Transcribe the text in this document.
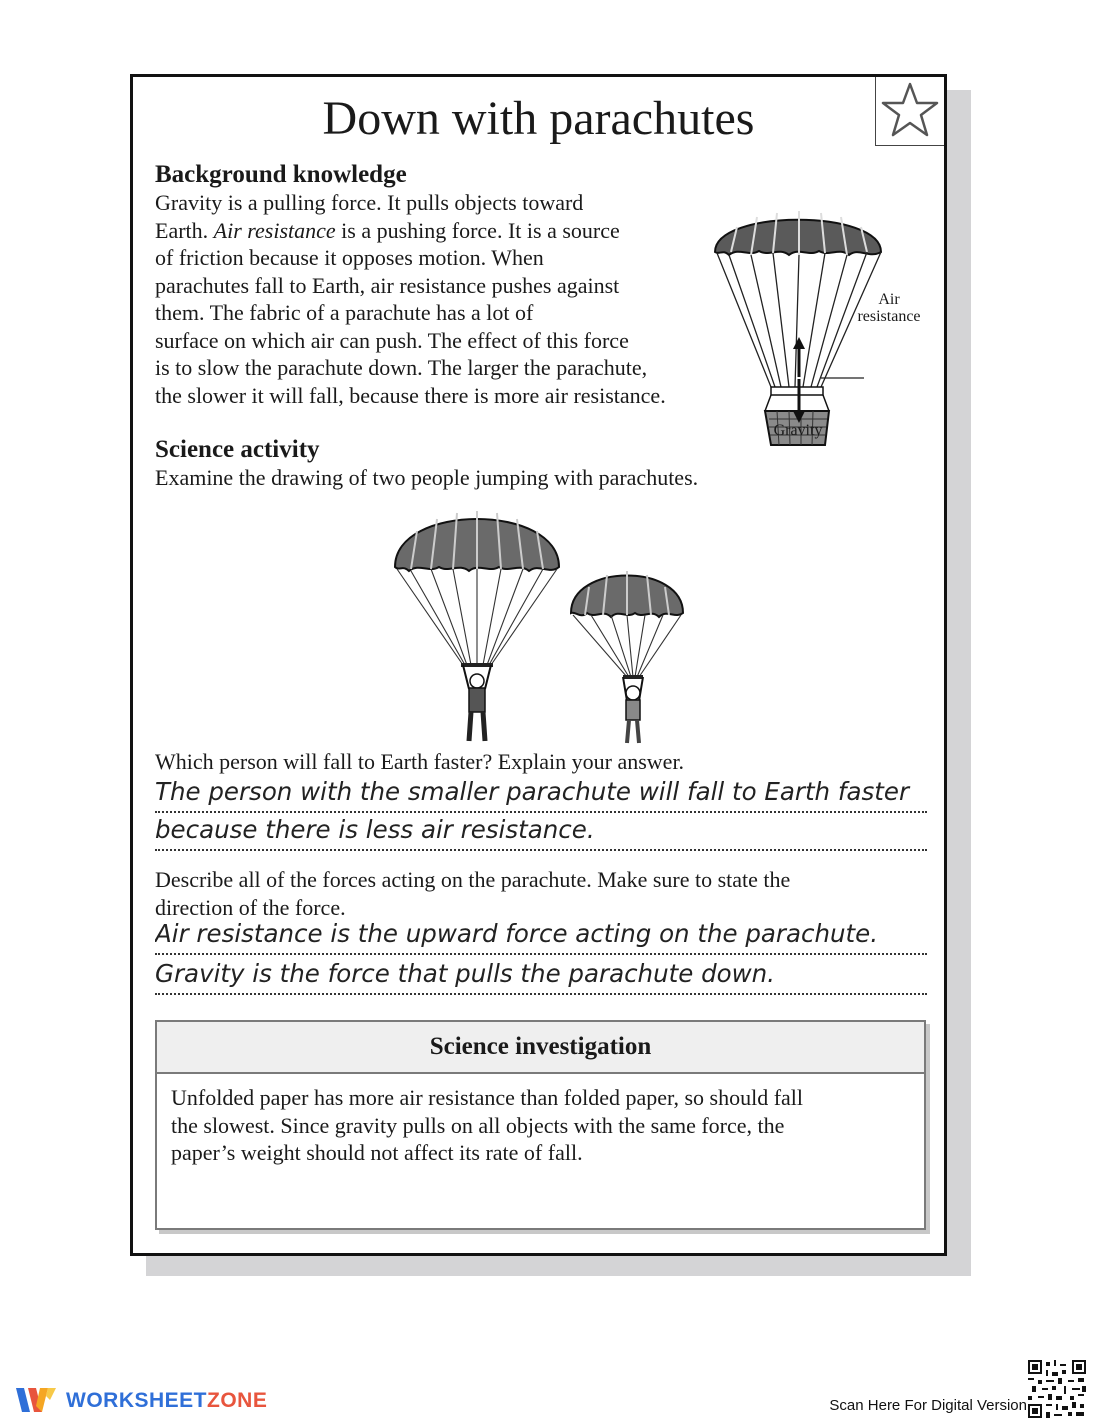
Down with parachutes
Background knowledge

Gravity is a pulling force. It pulls objects toward

Earth. Air resistance is a pushing force. It is a source

of friction because it opposes motion. When

parachutes fall to Earth, air resistance pushes against

them. The fabric of a parachute has a lot of

surface on which air can push. The effect of this force

is to slow the parachute down. The larger the parachute,

the slower it will fall, because there is more air resistance.

Air
resistance
Gravity
Science activity

Examine the drawing of two people jumping with parachutes.

Which person will fall to Earth faster? Explain your answer.

The person with the smaller parachute will fall to Earth faster
because there is less air resistance.

Describe all of the forces acting on the parachute. Make sure to state the

direction of the force.

Air resistance is the upward force acting on the parachute.
Gravity is the force that pulls the parachute down.
Science investigation

Unfolded paper has more air resistance than folded paper, so should fall

the slowest. Since gravity pulls on all objects with the same force, the

paper’s weight should not affect its rate of fall.

WORKSHEETZONE	Scan Here For Digital Version
